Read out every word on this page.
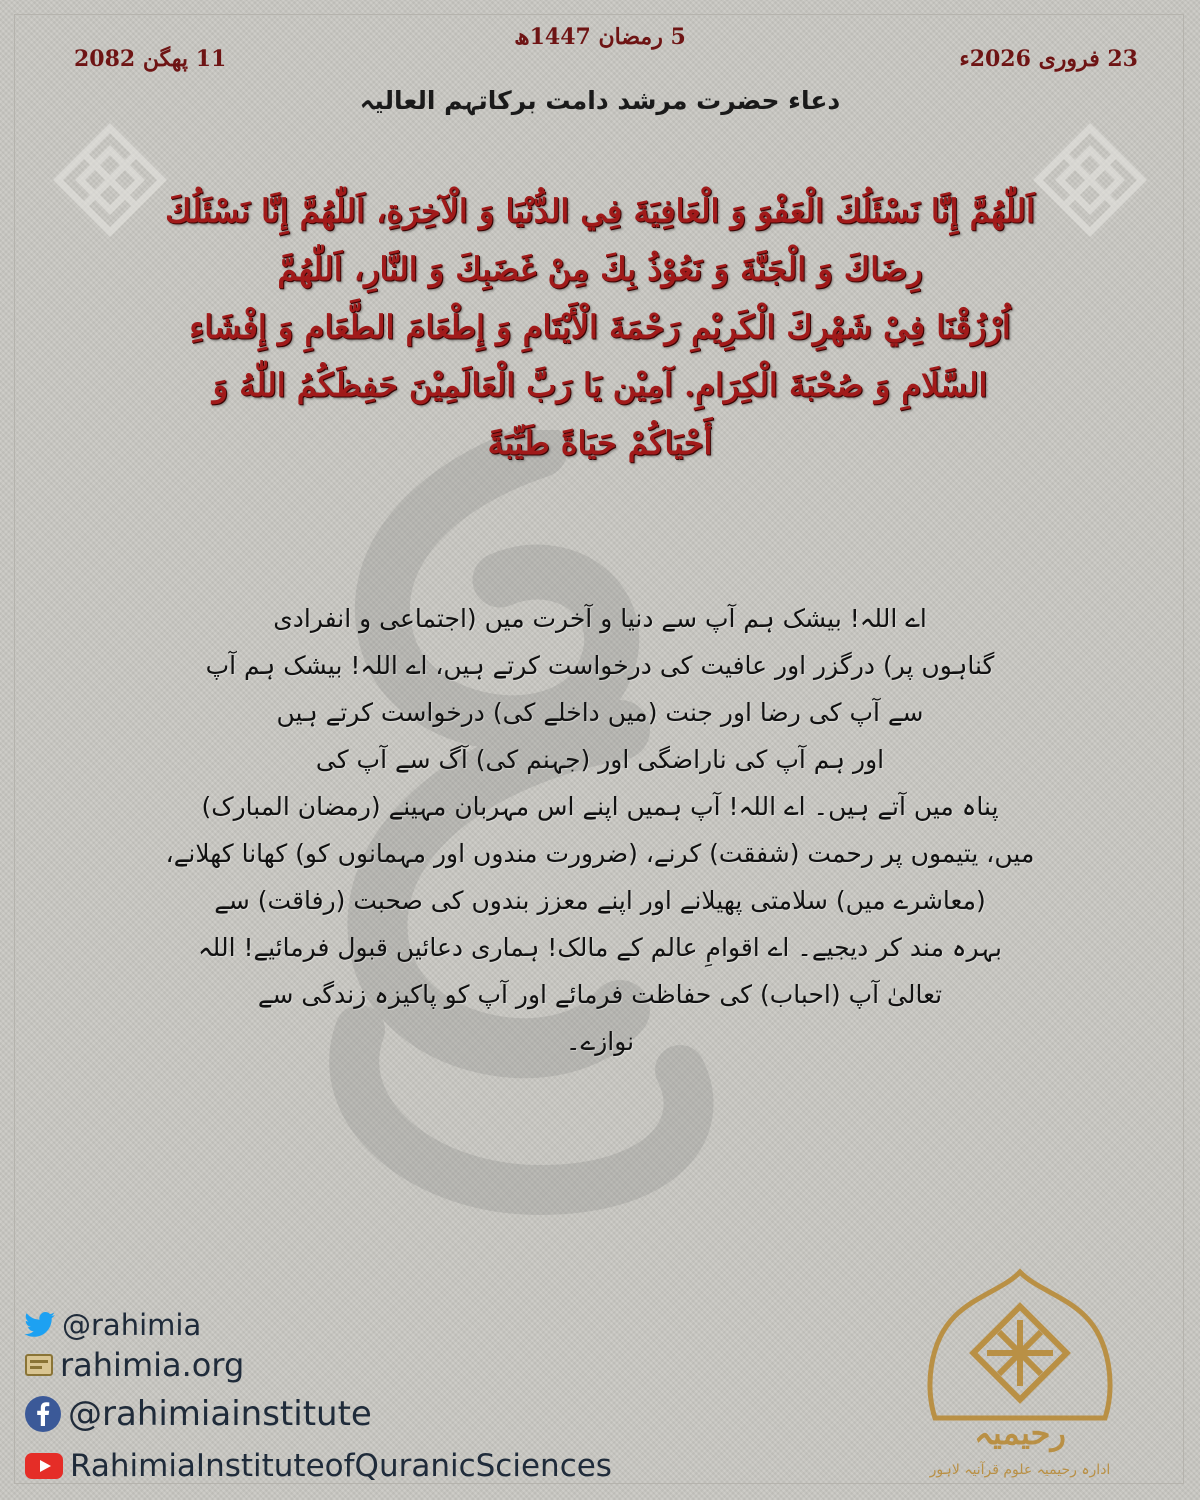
5 رمضان 1447ھ
23 فروری 2026ء
11 پھگن 2082
دعاء حضرت مرشد دامت برکاتہم العالیہ
اَللّٰهُمَّ إِنَّا نَسْئَلُكَ الْعَفْوَ وَ الْعَافِيَةَ فِي الدُّنْيَا وَ الْآخِرَةِ، اَللّٰهُمَّ إِنَّا نَسْئَلُكَ
رِضَاكَ وَ الْجَنَّةَ وَ نَعُوْذُ بِكَ مِنْ غَضَبِكَ وَ النَّارِ، اَللّٰهُمَّ
اُرْزُقْنَا فِيْ شَهْرِكَ الْكَرِيْمِ رَحْمَةَ الْأَيْتَامِ وَ إِطْعَامَ الطَّعَامِ وَ إِفْشَاءِ
السَّلَامِ وَ صُحْبَةَ الْكِرَامِ. آمِيْن يَا رَبَّ الْعَالَمِيْنَ حَفِظَكُمُ اللّٰهُ وَ
أَحْيَاكُمْ حَيَاةً طَيِّبَةً
اے اللہ! بیشک ہم آپ سے دنیا و آخرت میں (اجتماعی و انفرادی
گناہوں پر) درگزر اور عافیت کی درخواست کرتے ہیں، اے اللہ! بیشک ہم آپ
سے آپ کی رضا اور جنت (میں داخلے کی) درخواست کرتے ہیں
اور ہم آپ کی ناراضگی اور (جہنم کی) آگ سے آپ کی
پناہ میں آتے ہیں۔ اے اللہ! آپ ہمیں اپنے اس مہربان مہینے (رمضان المبارک)
میں، یتیموں پر رحمت (شفقت) کرنے، (ضرورت مندوں اور مہمانوں کو) کھانا کھلانے،
(معاشرے میں) سلامتی پھیلانے اور اپنے معزز بندوں کی صحبت (رفاقت) سے
بہرہ مند کر دیجیے۔ اے اقوامِ عالم کے مالک! ہماری دعائیں قبول فرمائیے! اللہ
تعالیٰ آپ (احباب) کی حفاظت فرمائے اور آپ کو پاکیزہ زندگی سے
نوازے۔
@rahimia
rahimia.org
@rahimiainstitute
RahimiaInstituteofQuranicSciences
رحیمیہ
ادارہ رحیمیہ علوم قرآنیہ لاہور
